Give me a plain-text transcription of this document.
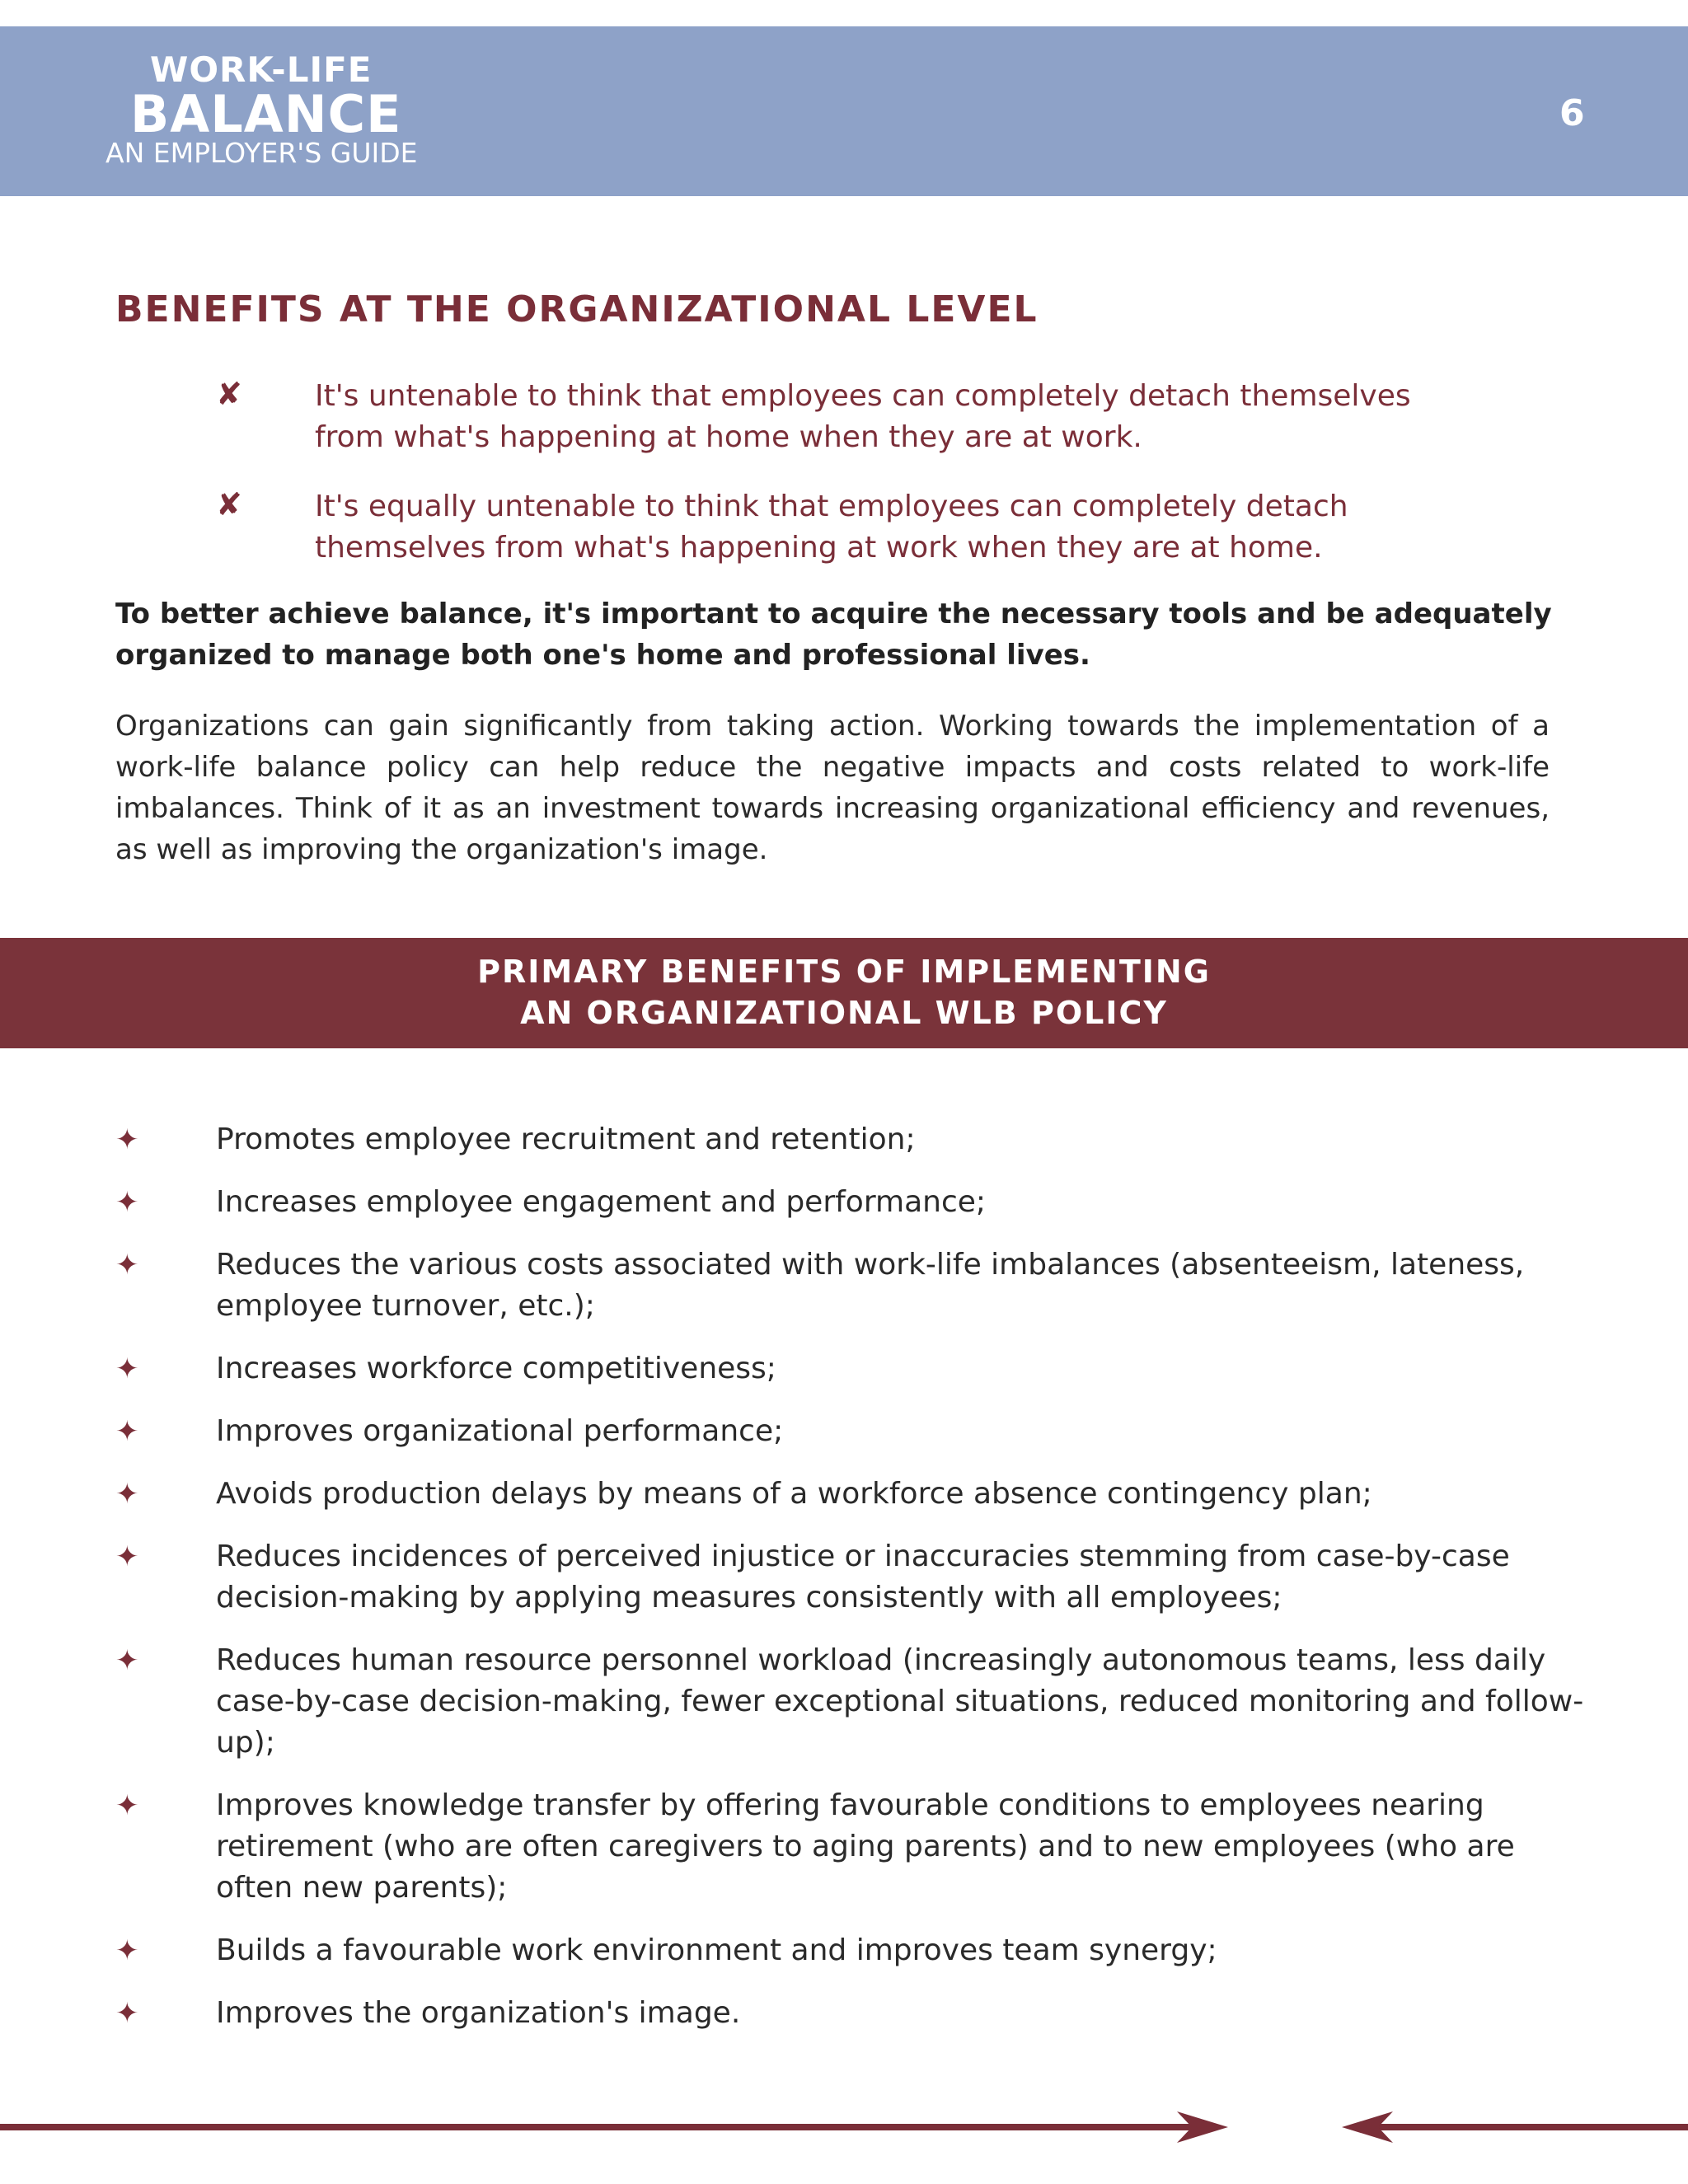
WORK-LIFE
BALANCE
AN EMPLOYER'S GUIDE
6
BENEFITS AT THE ORGANIZATIONAL LEVEL
✘ It's untenable to think that employees can completely detach themselves
from what's happening at home when they are at work.
✘ It's equally untenable to think that employees can completely detach
themselves from what's happening at work when they are at home.
To better achieve balance, it's important to acquire the necessary tools and be adequately organized to manage both one's home and professional lives.
Organizations can gain significantly from taking action. Working towards the implementation of a work-life balance policy can help reduce the negative impacts and costs related to work-life imbalances. Think of it as an investment towards increasing organizational efficiency and revenues, as well as improving the organization's image.
PRIMARY BENEFITS OF IMPLEMENTING
AN ORGANIZATIONAL WLB POLICY
✦	Promotes employee recruitment and retention;
✦	Increases employee engagement and performance;
✦	Reduces the various costs associated with work-life imbalances (absenteeism, lateness, employee turnover, etc.);
✦	Increases workforce competitiveness;
✦	Improves organizational performance;
✦	Avoids production delays by means of a workforce absence contingency plan;
✦	Reduces incidences of perceived injustice or inaccuracies stemming from case-by-case decision-making by applying measures consistently with all employees;
✦	Reduces human resource personnel workload (increasingly autonomous teams, less daily case-by-case decision-making, fewer exceptional situations, reduced monitoring and follow-up);
✦	Improves knowledge transfer by offering favourable conditions to employees nearing retirement (who are often caregivers to aging parents) and to new employees (who are often new parents);
✦	Builds a favourable work environment and improves team synergy;
✦	Improves the organization's image.
